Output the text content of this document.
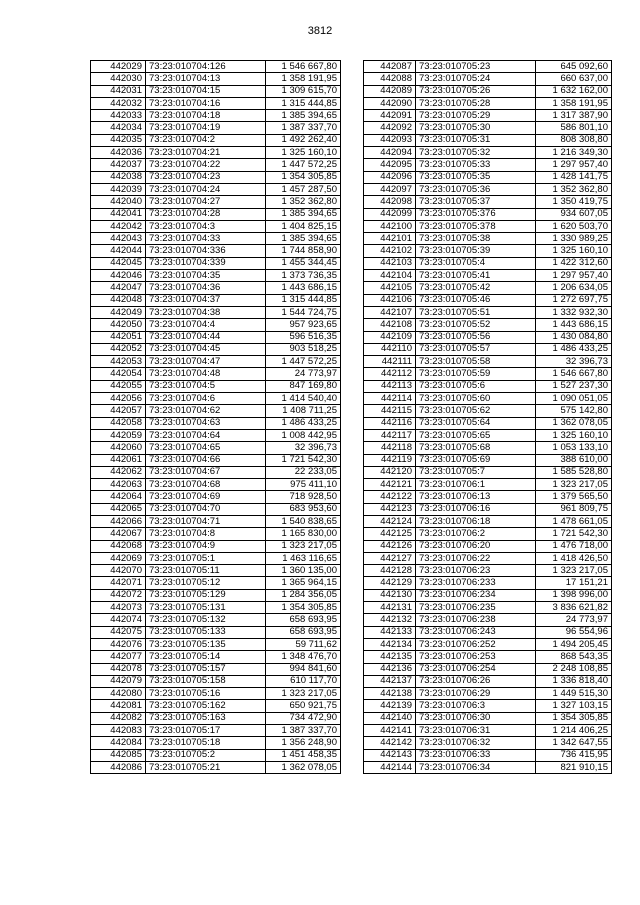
3812
442029	73:23:010704:126	1 546 667,80
442030	73:23:010704:13	1 358 191,95
442031	73:23:010704:15	1 309 615,70
442032	73:23:010704:16	1 315 444,85
442033	73:23:010704:18	1 385 394,65
442034	73:23:010704:19	1 387 337,70
442035	73:23:010704:2	1 492 262,40
442036	73:23:010704:21	1 325 160,10
442037	73:23:010704:22	1 447 572,25
442038	73:23:010704:23	1 354 305,85
442039	73:23:010704:24	1 457 287,50
442040	73:23:010704:27	1 352 362,80
442041	73:23:010704:28	1 385 394,65
442042	73:23:010704:3	1 404 825,15
442043	73:23:010704:33	1 385 394,65
442044	73:23:010704:336	1 744 858,90
442045	73:23:010704:339	1 455 344,45
442046	73:23:010704:35	1 373 736,35
442047	73:23:010704:36	1 443 686,15
442048	73:23:010704:37	1 315 444,85
442049	73:23:010704:38	1 544 724,75
442050	73:23:010704:4	957 923,65
442051	73:23:010704:44	596 516,35
442052	73:23:010704:45	903 518,25
442053	73:23:010704:47	1 447 572,25
442054	73:23:010704:48	24 773,97
442055	73:23:010704:5	847 169,80
442056	73:23:010704:6	1 414 540,40
442057	73:23:010704:62	1 408 711,25
442058	73:23:010704:63	1 486 433,25
442059	73:23:010704:64	1 008 442,95
442060	73:23:010704:65	32 396,73
442061	73:23:010704:66	1 721 542,30
442062	73:23:010704:67	22 233,05
442063	73:23:010704:68	975 411,10
442064	73:23:010704:69	718 928,50
442065	73:23:010704:70	683 953,60
442066	73:23:010704:71	1 540 838,65
442067	73:23:010704:8	1 165 830,00
442068	73:23:010704:9	1 323 217,05
442069	73:23:010705:1	1 463 116,65
442070	73:23:010705:11	1 360 135,00
442071	73:23:010705:12	1 365 964,15
442072	73:23:010705:129	1 284 356,05
442073	73:23:010705:131	1 354 305,85
442074	73:23:010705:132	658 693,95
442075	73:23:010705:133	658 693,95
442076	73:23:010705:135	59 711,62
442077	73:23:010705:14	1 348 476,70
442078	73:23:010705:157	994 841,60
442079	73:23:010705:158	610 117,70
442080	73:23:010705:16	1 323 217,05
442081	73:23:010705:162	650 921,75
442082	73:23:010705:163	734 472,90
442083	73:23:010705:17	1 387 337,70
442084	73:23:010705:18	1 356 248,90
442085	73:23:010705:2	1 451 458,35
442086	73:23:010705:21	1 362 078,05
442087	73:23:010705:23	645 092,60
442088	73:23:010705:24	660 637,00
442089	73:23:010705:26	1 632 162,00
442090	73:23:010705:28	1 358 191,95
442091	73:23:010705:29	1 317 387,90
442092	73:23:010705:30	586 801,10
442093	73:23:010705:31	808 308,80
442094	73:23:010705:32	1 216 349,30
442095	73:23:010705:33	1 297 957,40
442096	73:23:010705:35	1 428 141,75
442097	73:23:010705:36	1 352 362,80
442098	73:23:010705:37	1 350 419,75
442099	73:23:010705:376	934 607,05
442100	73:23:010705:378	1 620 503,70
442101	73:23:010705:38	1 330 989,25
442102	73:23:010705:39	1 325 160,10
442103	73:23:010705:4	1 422 312,60
442104	73:23:010705:41	1 297 957,40
442105	73:23:010705:42	1 206 634,05
442106	73:23:010705:46	1 272 697,75
442107	73:23:010705:51	1 332 932,30
442108	73:23:010705:52	1 443 686,15
442109	73:23:010705:56	1 430 084,80
442110	73:23:010705:57	1 486 433,25
442111	73:23:010705:58	32 396,73
442112	73:23:010705:59	1 546 667,80
442113	73:23:010705:6	1 527 237,30
442114	73:23:010705:60	1 090 051,05
442115	73:23:010705:62	575 142,80
442116	73:23:010705:64	1 362 078,05
442117	73:23:010705:65	1 325 160,10
442118	73:23:010705:68	1 053 133,10
442119	73:23:010705:69	388 610,00
442120	73:23:010705:7	1 585 528,80
442121	73:23:010706:1	1 323 217,05
442122	73:23:010706:13	1 379 565,50
442123	73:23:010706:16	961 809,75
442124	73:23:010706:18	1 478 661,05
442125	73:23:010706:2	1 721 542,30
442126	73:23:010706:20	1 476 718,00
442127	73:23:010706:22	1 418 426,50
442128	73:23:010706:23	1 323 217,05
442129	73:23:010706:233	17 151,21
442130	73:23:010706:234	1 398 996,00
442131	73:23:010706:235	3 836 621,82
442132	73:23:010706:238	24 773,97
442133	73:23:010706:243	96 554,96
442134	73:23:010706:252	1 494 205,45
442135	73:23:010706:253	868 543,35
442136	73:23:010706:254	2 248 108,85
442137	73:23:010706:26	1 336 818,40
442138	73:23:010706:29	1 449 515,30
442139	73:23:010706:3	1 327 103,15
442140	73:23:010706:30	1 354 305,85
442141	73:23:010706:31	1 214 406,25
442142	73:23:010706:32	1 342 647,55
442143	73:23:010706:33	736 415,95
442144	73:23:010706:34	821 910,15
